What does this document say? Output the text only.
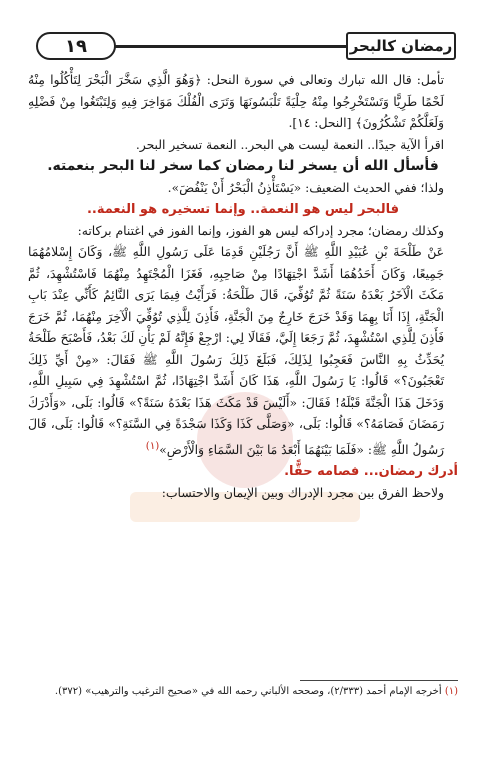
١٩	رمضان كالبحر

تأمل: قال الله تبارك وتعالى في سورة النحل: ﴿وَهُوَ الَّذِي سَخَّرَ الْبَحْرَ لِتَأْكُلُوا مِنْهُ لَحْمًا طَرِيًّا وَتَسْتَخْرِجُوا مِنْهُ حِلْيَةً تَلْبَسُونَهَا وَتَرَى الْفُلْكَ مَوَاخِرَ فِيهِ وَلِتَبْتَغُوا مِنْ فَضْلِهِ وَلَعَلَّكُمْ تَشْكُرُونَ﴾ [النحل: ١٤].

اقرأ الآية جيدًا.. النعمة ليست هي البحر.. النعمة تسخير البحر.

فأسأل الله أن يسخر لنا رمضان كما سخر لنا البحر بنعمته.

ولذا؛ ففي الحديث الضعيف: «يَسْتَأْذِنُ الْبَحْرُ أَنْ يَنْفُضَ».

فالبحر ليس هو النعمة.. وإنما تسخيره هو النعمة..

وكذلك رمضان؛ مجرد إدراكه ليس هو الفوز، وإنما الفوز في اغتنام بركاته:

عَنْ طَلْحَةَ بْنِ عُبَيْدِ اللَّهِ ﷺ أَنَّ رَجُلَيْنِ قَدِمَا عَلَى رَسُولِ اللَّهِ ﷺ، وَكَانَ إِسْلامُهُمَا جَمِيعًا، وَكَانَ أَحَدُهُمَا أَشَدَّ اجْتِهَادًا مِنْ صَاحِبِهِ، فَغَزَا الْمُجْتَهِدُ مِنْهُمَا فَاسْتُشْهِدَ، ثُمَّ مَكَثَ الْآخَرُ بَعْدَهُ سَنَةً ثُمَّ تُوُفِّيَ، قَالَ طَلْحَةُ: فَرَأَيْتُ فِيمَا يَرَى النَّائِمُ كَأَنِّي عِنْدَ بَابِ الْجَنَّةِ، إِذَا أَنَا بِهِمَا وَقَدْ خَرَجَ خَارِجٌ مِنَ الْجَنَّةِ، فَأَذِنَ لِلَّذِي تُوُفِّيَ الْآخِرَ مِنْهُمَا، ثُمَّ خَرَجَ فَأَذِنَ لِلَّذِي اسْتُشْهِدَ، ثُمَّ رَجَعَا إِلَيَّ، فَقَالَا لِي: ارْجِعْ فَإِنَّهُ لَمْ يَأْنِ لَكَ بَعْدُ، فَأَصْبَحَ طَلْحَةُ يُحَدِّثُ بِهِ النَّاسَ فَعَجِبُوا لِذَلِكَ، فَبَلَغَ ذَلِكَ رَسُولَ اللَّهِ ﷺ فَقَالَ: «مِنْ أَيِّ ذَلِكَ تَعْجَبُونَ؟» قَالُوا: يَا رَسُولَ اللَّهِ، هَذَا كَانَ أَشَدَّ اجْتِهَادًا، ثُمَّ اسْتُشْهِدَ فِي سَبِيلِ اللَّهِ، وَدَخَلَ هَذَا الْجَنَّةَ قَبْلَهُ! فَقَالَ: «أَلَيْسَ قَدْ مَكَثَ هَذَا بَعْدَهُ سَنَةً؟» قَالُوا: بَلَى، «وَأَدْرَكَ رَمَضَانَ فَصَامَهُ؟» قَالُوا: بَلَى، «وَصَلَّى كَذَا وَكَذَا سَجْدَةً فِي السَّنَةِ؟» قَالُوا: بَلَى، قَالَ رَسُولُ اللَّهِ ﷺ: «فَلَمَا بَيْنَهُمَا أَبْعَدُ مَا بَيْنَ السَّمَاءِ وَالْأَرْضِ»$^{(١)}$

أدرك رمضان... فصامه حقًّا.

ولاحظ الفرق بين مجرد الإدراك وبين الإيمان والاحتساب:

(١) أخرجه الإمام أحمد (٢/٣٣٣)، وصححه الألباني رحمه الله في «صحيح الترغيب والترهيب» (٣٧٢).
